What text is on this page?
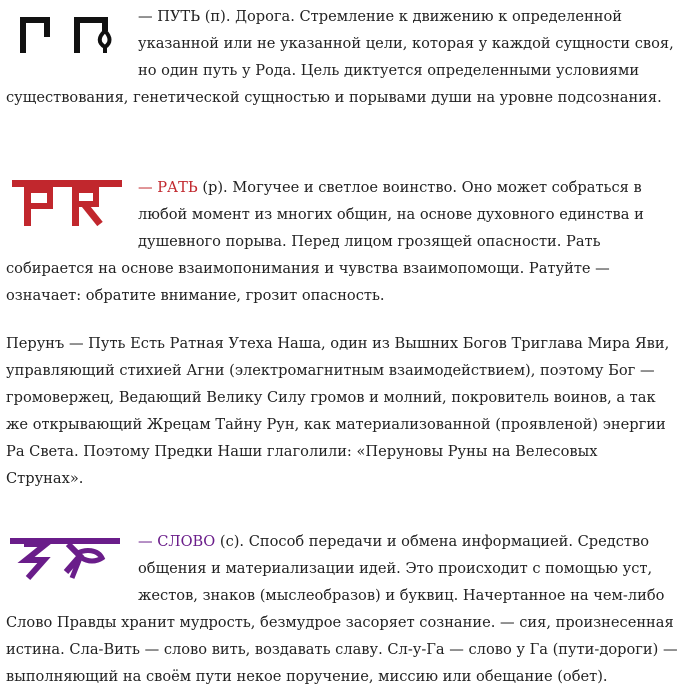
— ПУТЬ (п). Дорога. Стремление к движению к определенной указанной или не указанной цели, которая у каждой сущности своя, но один путь у Рода. Цель диктуется определенными условиями существования, генетической сущностью и порывами души на уровне подсознания.

— РАТЬ (р). Могучее и светлое воинство. Оно может собраться в любой момент из многих общин, на основе духовного единства и душевного порыва. Перед лицом грозящей опасности. Рать собирается на основе взаимопонимания и чувства взаимопомощи. Ратуйте — означает: обратите внимание, грозит опасность.

Перунъ — Путь Есть Ратная Утеха Наша, один из Вышних Богов Триглава Мира Яви, управляющий стихией Агни (электромагнитным взаимодействием), поэтому Бог — громовержец, Ведающий Велику Силу громов и молний, покровитель воинов, а так же открывающий Жрецам Тайну Рун, как материализованной (проявленой) энергии Ра Света. Поэтому Предки Наши глаголили: «Перуновы Руны на Велесовых Струнах».

— СЛОВО (с). Способ передачи и обмена информацией. Средство общения и материализации идей. Это происходит с помощью уст, жестов, знаков (мыслеобразов) и буквиц. Начертанное на чем-либо Слово Правды хранит мудрость, безмудрое засоряет сознание. — сия, произнесенная истина. Сла-Вить — слово вить, воздавать славу. Сл-у-Га — слово у Га (пути-дороги) — выполняющий на своём пути некое поручение, миссию или обещание (обет).
